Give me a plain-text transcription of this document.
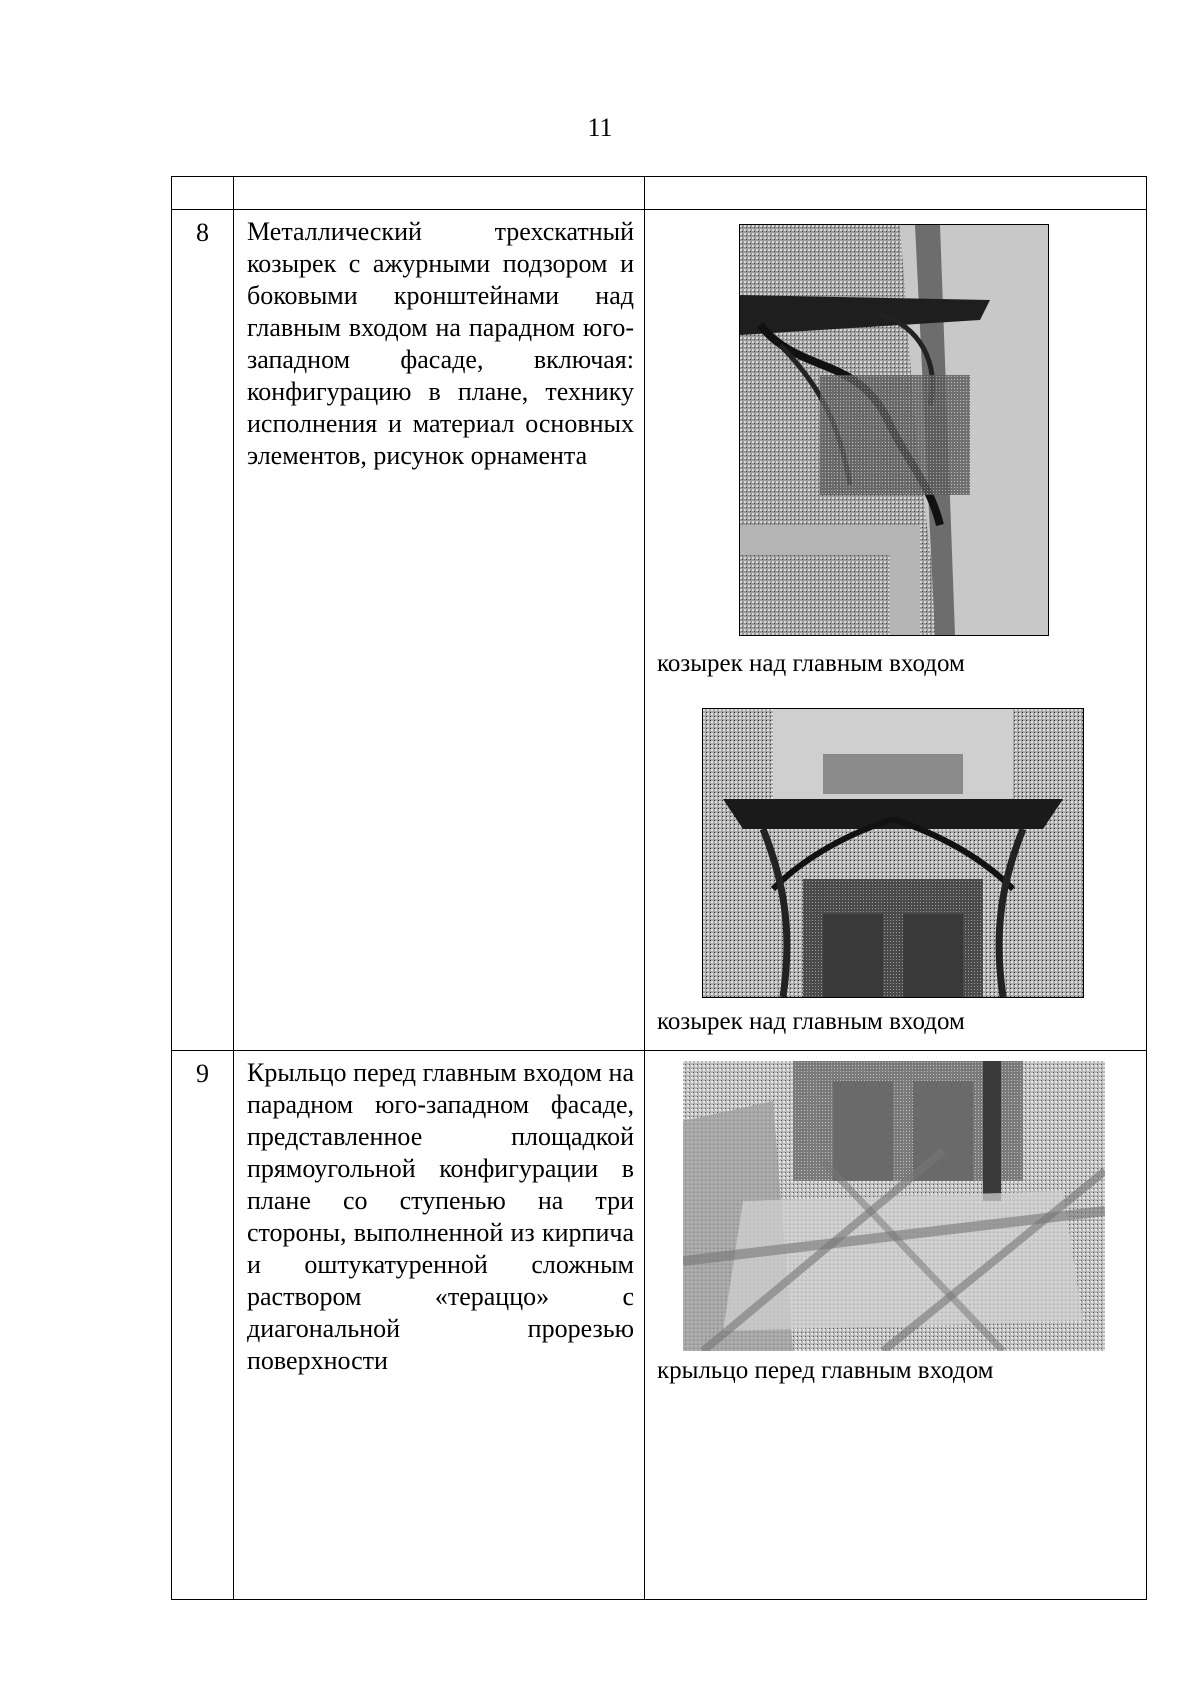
11

8	Металлический трехскатный козырек с ажурными подзором и боковыми кронштейнами над главным входом на парадном юго-западном фасаде, включая: конфигурацию в плане, технику исполнения и материал основных элементов, рисунок орнамента	козырек над главным входом
козырек над главным входом

9	Крыльцо перед главным входом на парадном юго-западном фасаде, представленное площадкой прямоугольной конфигурации в плане со ступенью на три стороны, выполненной из кирпича и оштукатуренной сложным раствором «тераццо» с диагональной прорезью поверхности	крыльцо перед главным входом
